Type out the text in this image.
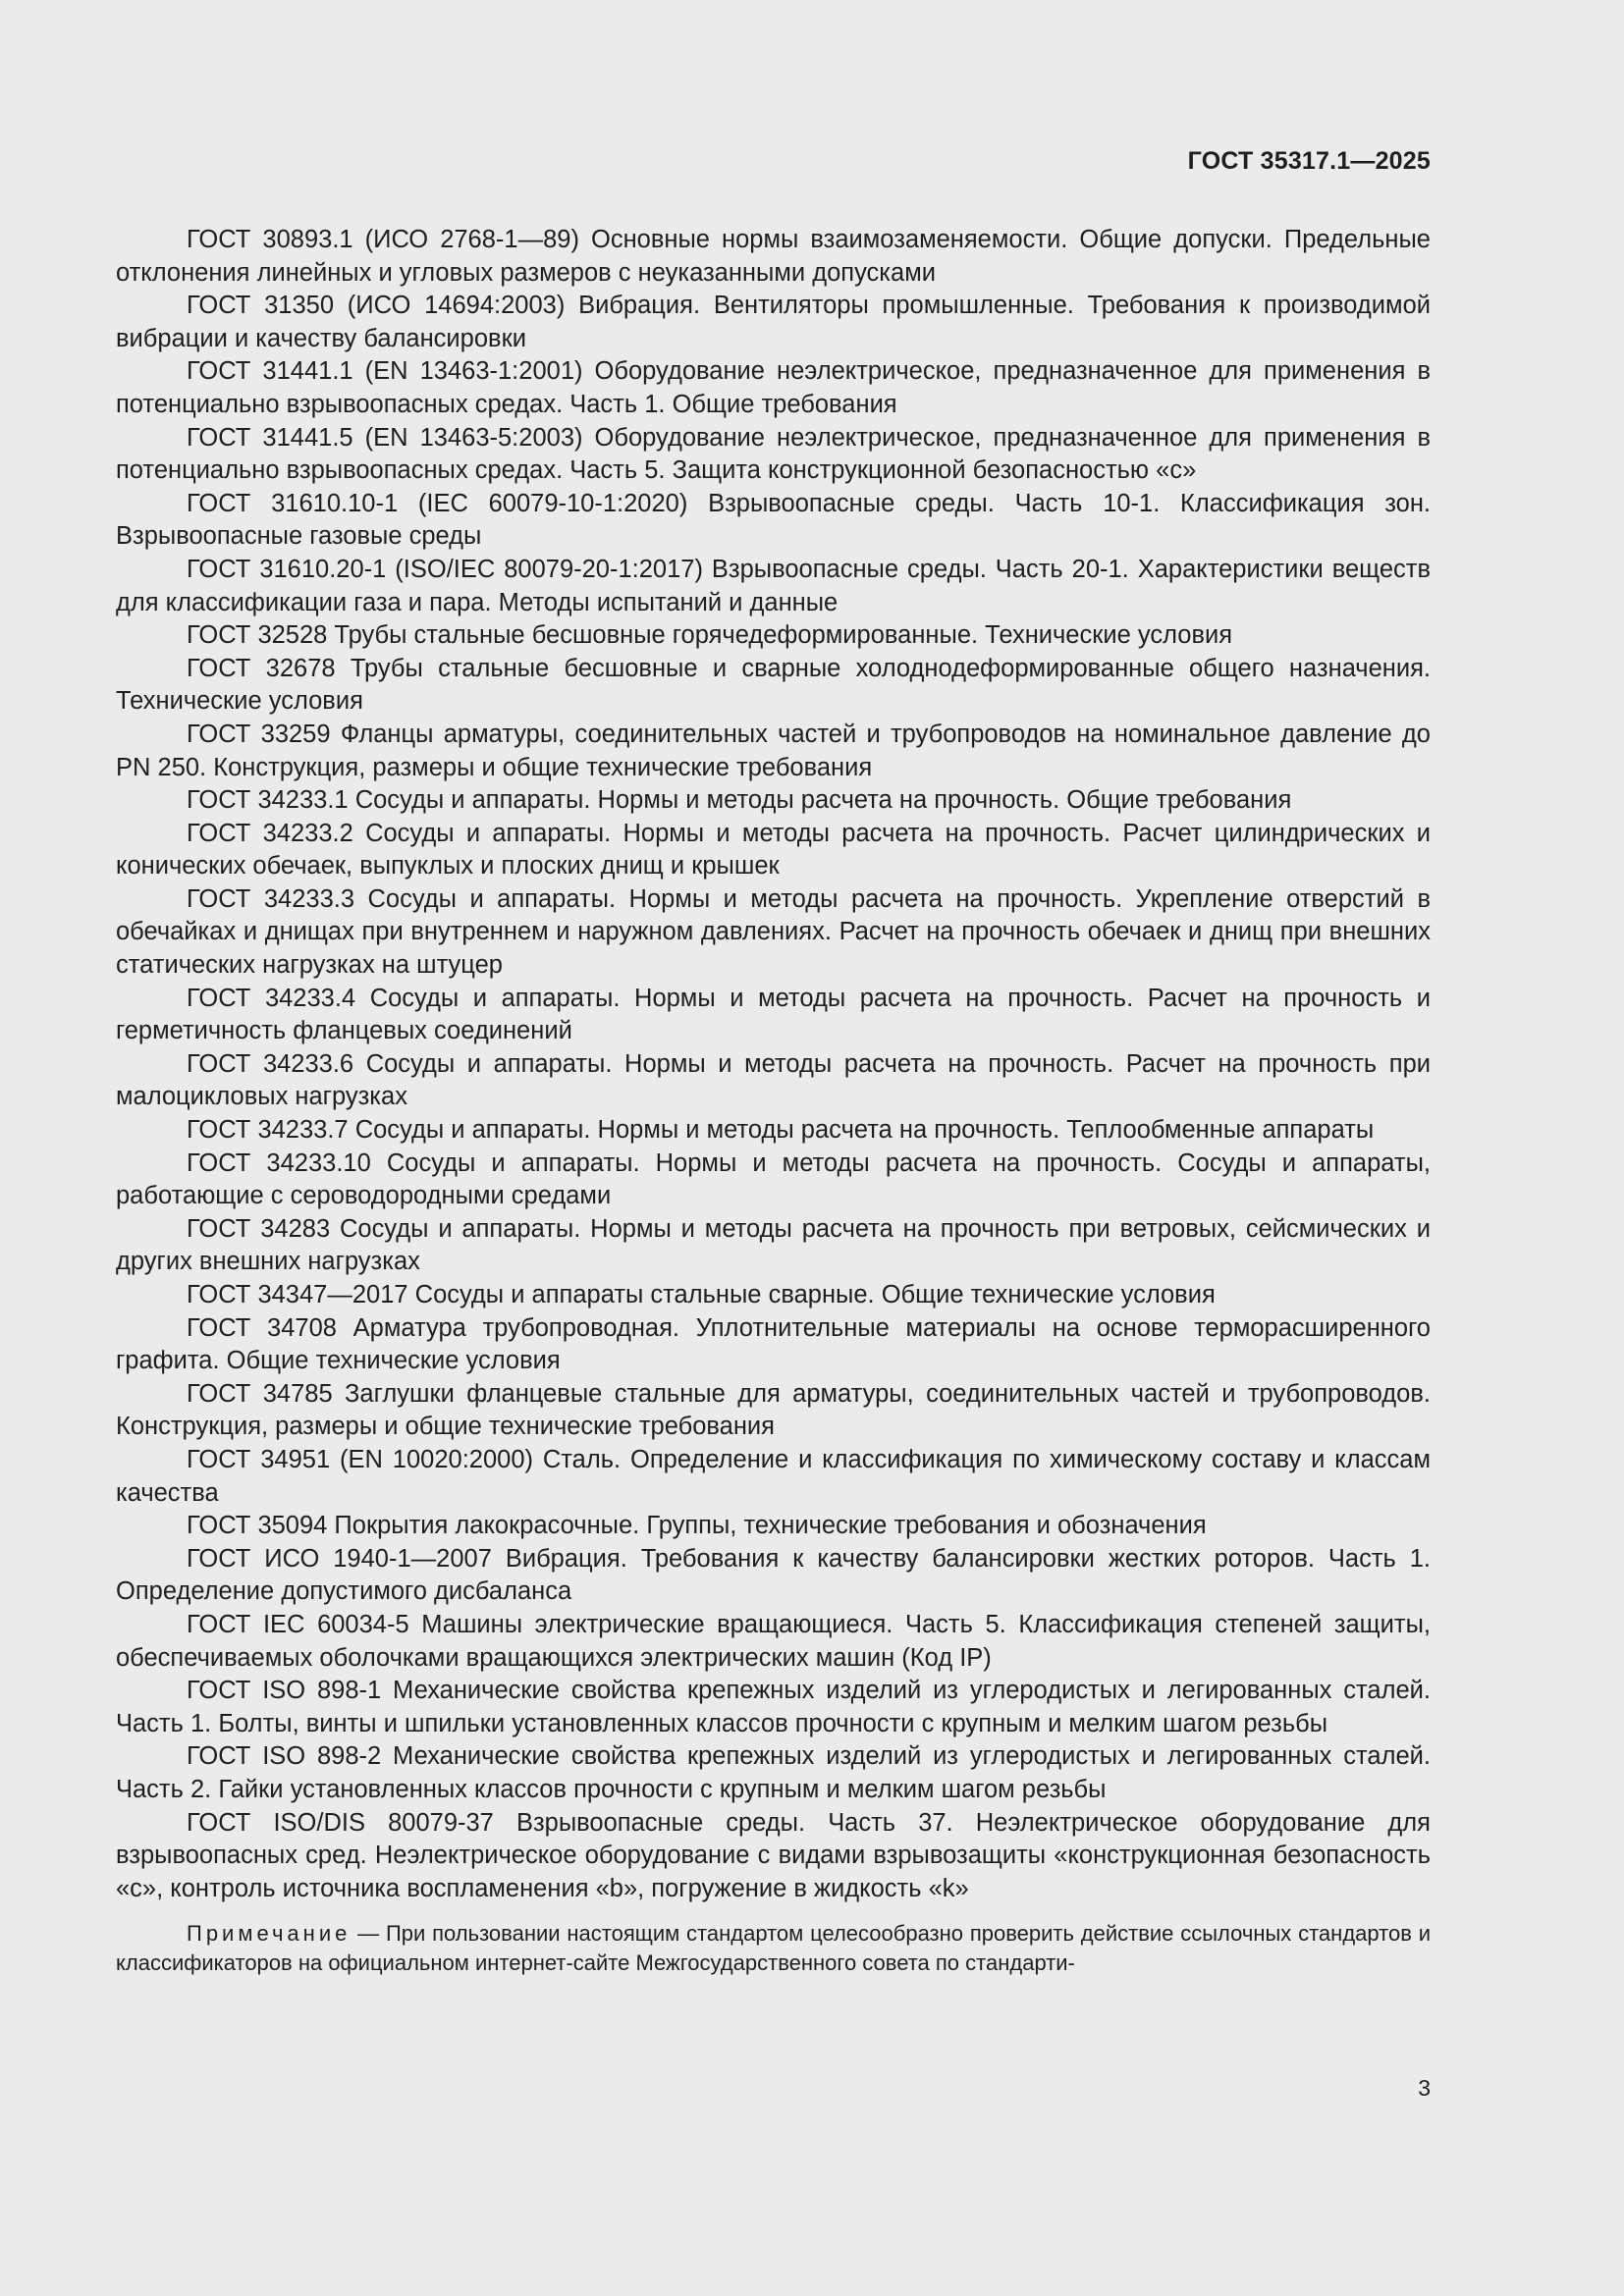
ГОСТ 35317.1—2025

ГОСТ 30893.1 (ИСО 2768-1—89) Основные нормы взаимозаменяемости. Общие допуски. Предельные отклонения линейных и угловых размеров с неуказанными допусками

ГОСТ 31350 (ИСО 14694:2003) Вибрация. Вентиляторы промышленные. Требования к производимой вибрации и качеству балансировки

ГОСТ 31441.1 (EN 13463-1:2001) Оборудование неэлектрическое, предназначенное для применения в потенциально взрывоопасных средах. Часть 1. Общие требования

ГОСТ 31441.5 (EN 13463-5:2003) Оборудование неэлектрическое, предназначенное для применения в потенциально взрывоопасных средах. Часть 5. Защита конструкционной безопасностью «с»

ГОСТ 31610.10-1 (IEC 60079-10-1:2020) Взрывоопасные среды. Часть 10-1. Классификация зон. Взрывоопасные газовые среды

ГОСТ 31610.20-1 (ISO/IEC 80079-20-1:2017) Взрывоопасные среды. Часть 20-1. Характеристики веществ для классификации газа и пара. Методы испытаний и данные

ГОСТ 32528 Трубы стальные бесшовные горячедеформированные. Технические условия

ГОСТ 32678 Трубы стальные бесшовные и сварные холоднодеформированные общего назначения. Технические условия

ГОСТ 33259 Фланцы арматуры, соединительных частей и трубопроводов на номинальное давление до PN 250. Конструкция, размеры и общие технические требования

ГОСТ 34233.1 Сосуды и аппараты. Нормы и методы расчета на прочность. Общие требования

ГОСТ 34233.2 Сосуды и аппараты. Нормы и методы расчета на прочность. Расчет цилиндрических и конических обечаек, выпуклых и плоских днищ и крышек

ГОСТ 34233.3 Сосуды и аппараты. Нормы и методы расчета на прочность. Укрепление отверстий в обечайках и днищах при внутреннем и наружном давлениях. Расчет на прочность обечаек и днищ при внешних статических нагрузках на штуцер

ГОСТ 34233.4 Сосуды и аппараты. Нормы и методы расчета на прочность. Расчет на прочность и герметичность фланцевых соединений

ГОСТ 34233.6 Сосуды и аппараты. Нормы и методы расчета на прочность. Расчет на прочность при малоцикловых нагрузках

ГОСТ 34233.7 Сосуды и аппараты. Нормы и методы расчета на прочность. Теплообменные аппараты

ГОСТ 34233.10 Сосуды и аппараты. Нормы и методы расчета на прочность. Сосуды и аппараты, работающие с сероводородными средами

ГОСТ 34283 Сосуды и аппараты. Нормы и методы расчета на прочность при ветровых, сейсмических и других внешних нагрузках

ГОСТ 34347—2017 Сосуды и аппараты стальные сварные. Общие технические условия

ГОСТ 34708 Арматура трубопроводная. Уплотнительные материалы на основе терморасширенного графита. Общие технические условия

ГОСТ 34785 Заглушки фланцевые стальные для арматуры, соединительных частей и трубопроводов. Конструкция, размеры и общие технические требования

ГОСТ 34951 (EN 10020:2000) Сталь. Определение и классификация по химическому составу и классам качества

ГОСТ 35094 Покрытия лакокрасочные. Группы, технические требования и обозначения

ГОСТ ИСО 1940-1—2007 Вибрация. Требования к качеству балансировки жестких роторов. Часть 1. Определение допустимого дисбаланса

ГОСТ IEC 60034-5 Машины электрические вращающиеся. Часть 5. Классификация степеней защиты, обеспечиваемых оболочками вращающихся электрических машин (Код IP)

ГОСТ ISO 898-1 Механические свойства крепежных изделий из углеродистых и легированных сталей. Часть 1. Болты, винты и шпильки установленных классов прочности с крупным и мелким шагом резьбы

ГОСТ ISO 898-2 Механические свойства крепежных изделий из углеродистых и легированных сталей. Часть 2. Гайки установленных классов прочности с крупным и мелким шагом резьбы

ГОСТ ISO/DIS 80079-37 Взрывоопасные среды. Часть 37. Неэлектрическое оборудование для взрывоопасных сред. Неэлектрическое оборудование с видами взрывозащиты «конструкционная безопасность «с», контроль источника воспламенения «b», погружение в жидкость «k»

Примечание — При пользовании настоящим стандартом целесообразно проверить действие ссылочных стандартов и классификаторов на официальном интернет-сайте Межгосударственного совета по стандарти-

3
